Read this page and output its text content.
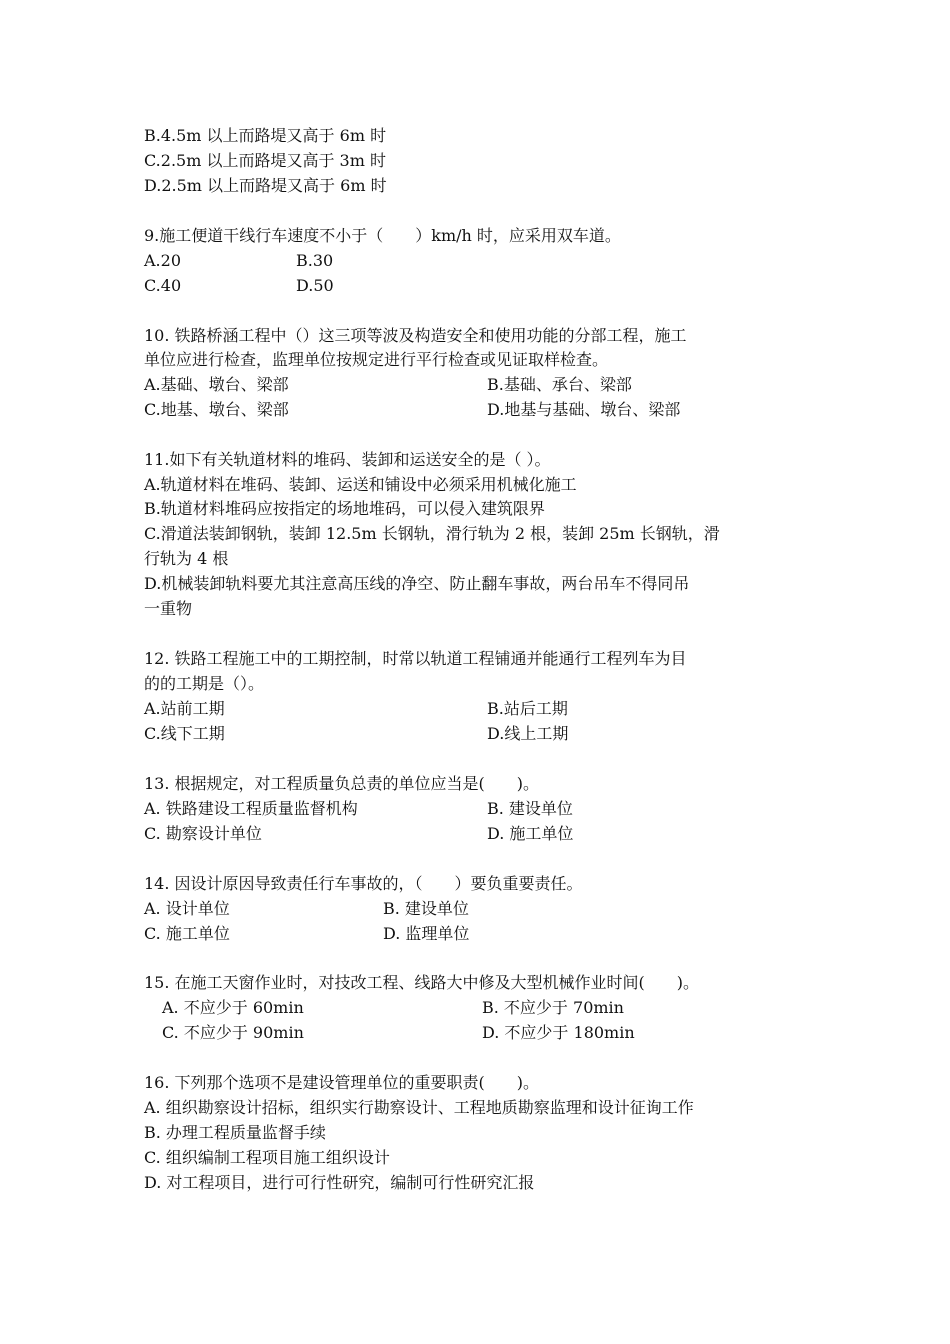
B.4.5m 以上而路堤又高于 6m 时
C.2.5m 以上而路堤又高于 3m 时
D.2.5m 以上而路堤又高于 6m 时
9.施工便道干线行车速度不小于（　　）km/h 时，应采用双车道。
A.20	B.30
C.40	D.50
10. 铁路桥涵工程中（）这三项等波及构造安全和使用功能的分部工程，施工
单位应进行检查，监理单位按规定进行平行检查或见证取样检查。
A.基础、墩台、梁部	B.基础、承台、梁部
C.地基、墩台、梁部	D.地基与基础、墩台、梁部
11.如下有关轨道材料的堆码、装卸和运送安全的是（ ）。
A.轨道材料在堆码、装卸、运送和铺设中必须采用机械化施工
B.轨道材料堆码应按指定的场地堆码，可以侵入建筑限界
C.滑道法装卸钢轨，装卸 12.5m 长钢轨，滑行轨为 2 根，装卸 25m 长钢轨，滑
行轨为 4 根
D.机械装卸轨料要尤其注意高压线的净空、防止翻车事故，两台吊车不得同吊
一重物
12. 铁路工程施工中的工期控制，时常以轨道工程铺通并能通行工程列车为目
的的工期是（）。
A.站前工期	B.站后工期
C.线下工期	D.线上工期
13. 根据规定，对工程质量负总责的单位应当是(　　)。
A. 铁路建设工程质量监督机构	B. 建设单位
C. 勘察设计单位	D. 施工单位
14. 因设计原因导致责任行车事故的，（　　）要负重要责任。
A. 设计单位	B. 建设单位
C. 施工单位	D. 监理单位
15. 在施工天窗作业时，对技改工程、线路大中修及大型机械作业时间(　　)。
A. 不应少于 60min	B. 不应少于 70min
C. 不应少于 90min	D. 不应少于 180min
16. 下列那个选项不是建设管理单位的重要职责(　　)。
A. 组织勘察设计招标，组织实行勘察设计、工程地质勘察监理和设计征询工作
B. 办理工程质量监督手续
C. 组织编制工程项目施工组织设计
D. 对工程项目，进行可行性研究，编制可行性研究汇报
